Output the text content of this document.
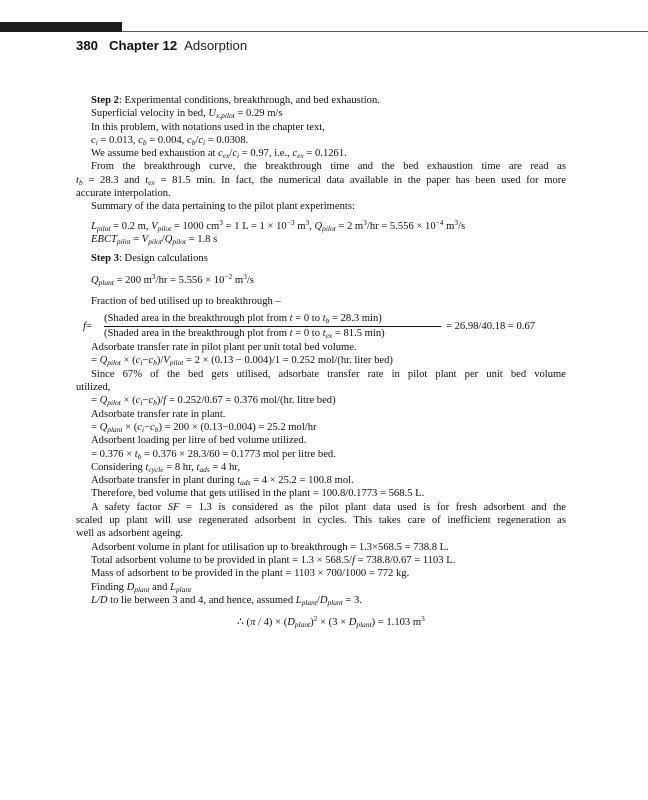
380 Chapter 12 Adsorption
Step 2: Experimental conditions, breakthrough, and bed exhaustion.
Superficial velocity in bed, $U_{x,pilot} = 0.29$ m/s
In this problem, with notations used in the chapter text,
$c_i = 0.013$, $c_b = 0.004$, $c_b/c_i = 0.0308$.
We assume bed exhaustion at $c_{ex}/c_i = 0.97$, i.e., $c_{ex} = 0.1261$.
From the breakthrough curve, the breakthrough time and the bed exhaustion time are read as
$t_b = 28.3$ and $t_{ex} = 81.5$ min. In fact, the numerical data available in the paper has been used for more
accurate interpolation.
Summary of the data pertaining to the pilot plant experiments:
$L_{pilot} = 0.2$ m, $V_{pilot} = 1000$ $cm^3 = 1$ $L = 1 \times 10^{-3}$ $m^3$, $Q_{pilot} = 2$ $m^3/hr = 5.556 \times 10^{-4}$ $m^3/s$
$EBCT_{pilot} = V_{pilot}/Q_{pilot} = 1.8$ s
Step 3: Design calculations
$Q_{plant} = 200$ $m^3/hr = 5.556 \times 10^{-2}$ $m^3/s$
Fraction of bed utilised up to breakthrough –
f=
(Shaded area in the breakthrough plot from t = 0 to $t_b = 28.3$ min)
(Shaded area in the breakthrough plot from t = 0 to $t_{ex} = 81.5$ min)
= 26.98/40.18 = 0.67
Adsorbate transfer rate in pilot plant per unit total bed volume.
= $Q_{pilot} \times (c_i-c_b)/V_{pilot} = 2 \times (0.13 - 0.004)/1 = 0.252$ mol/(hr. liter bed)
Since 67% of the bed gets utilised, adsorbate transfer rate in pilot plant per unit bed volume
utilized,
= $Q_{pilot} \times (c_i-c_b)/f = 0.252/0.67 = 0.376$ mol/(hr. litre bed)
Adsorbate transfer rate in plant.
= $Q_{plant} \times (c_i-c_b) = 200 \times (0.13-0.004) = 25.2$ mol/hr
Adsorbent loading per litre of bed volume utilized.
= $0.376 \times t_b = 0.376 \times 28.3/60 = 0.1773$ mol per litre bed.
Considering $t_{cycle} = 8$ hr, $t_{ads} = 4$ hr,
Adsorbate transfer in plant during $t_{ads} = 4 \times 25.2 = 100.8$ mol.
Therefore, bed volume that gets utilised in the plant = 100.8/0.1773 = 568.5 L.
A safety factor SF = 1.3 is considered as the pilot plant data used is for fresh adsorbent and the
scaled up plant will use regenerated adsorbent in cycles. This takes care of inefficient regeneration as
well as adsorbent ageing.
Adsorbent volume in plant for utilisation up to breakthrough = 1.3×568.5 = 738.8 L.
Total adsorbent volume to be provided in plant = 1.3 × 568.5/f = 738.8/0.67 = 1103 L.
Mass of adsorbent to be provided in the plant = 1103 × 700/1000 = 772 kg.
Finding $D_{plant}$ and $L_{plant}$
L/D to lie between 3 and 4, and hence, assumed $L_{plant}/D_{plant} = 3$.
∴ $(\pi / 4) \times (D_{plant})^2 \times (3 \times D_{plant}) = 1.103$ $m^3$
